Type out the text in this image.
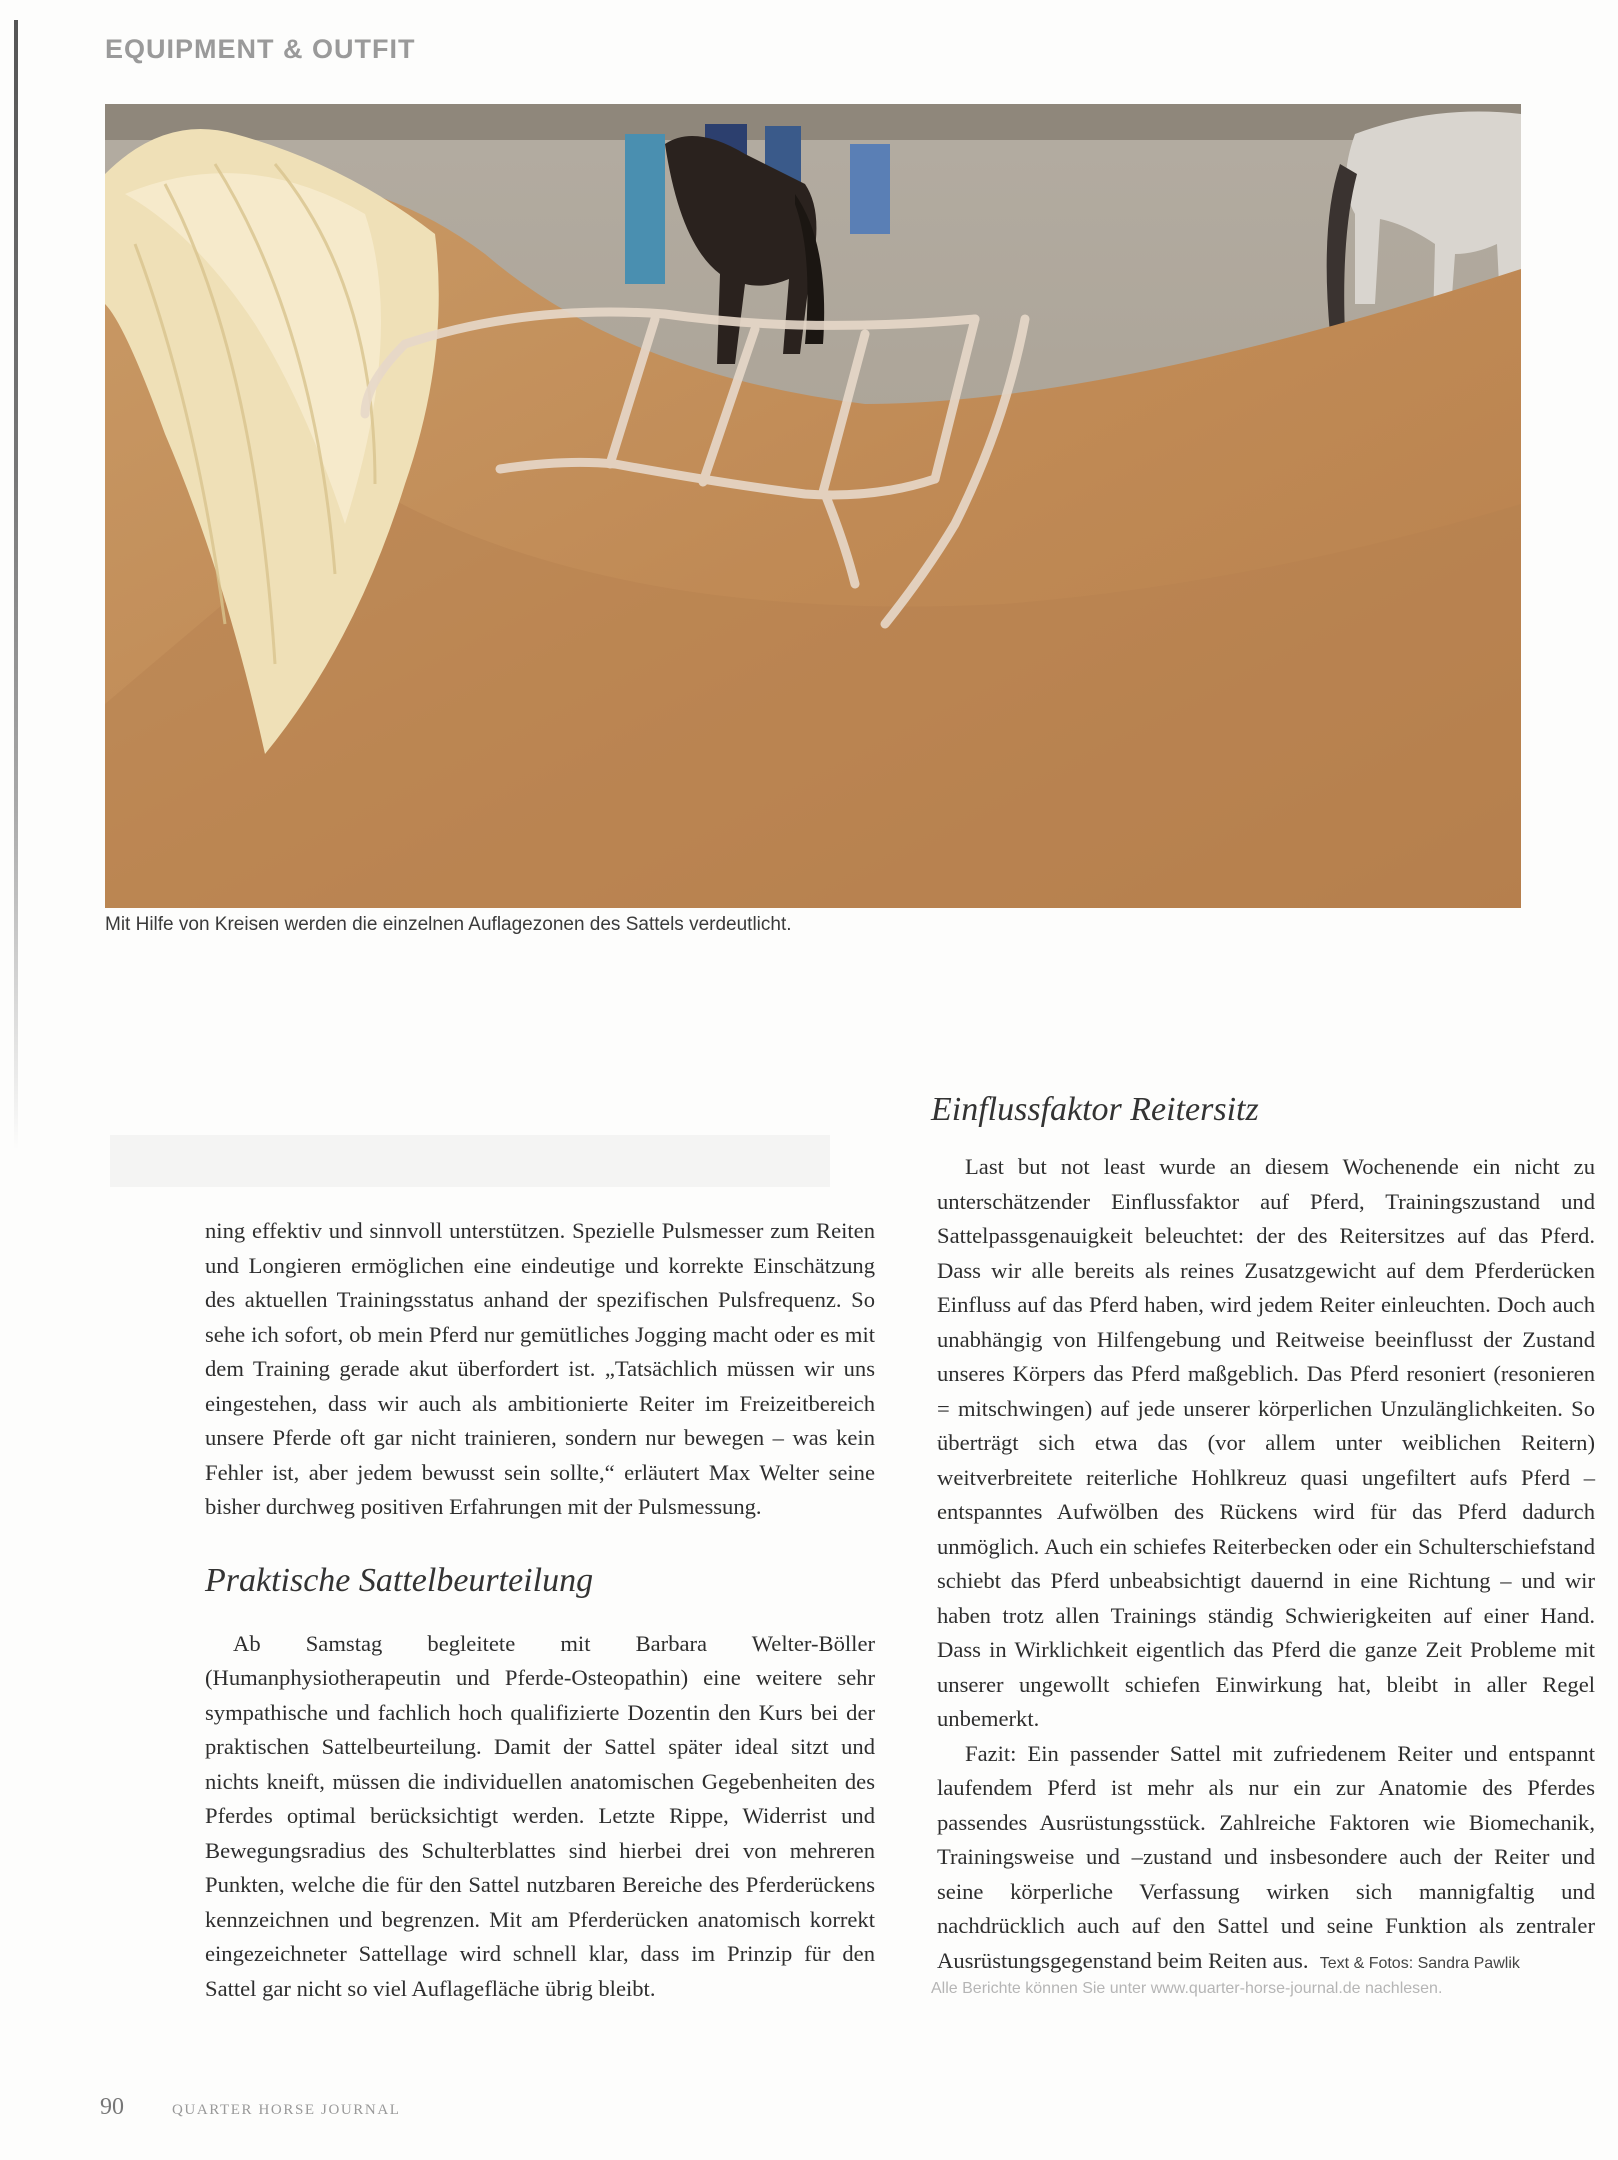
EQUIPMENT & OUTFIT
Mit Hilfe von Kreisen werden die einzelnen Auflagezonen des Sattels verdeutlicht.

ning effektiv und sinnvoll unterstützen. Spezielle Pulsmesser zum Reiten und Longieren ermöglichen eine eindeutige und korrekte Einschätzung des aktuellen Trainingsstatus anhand der spezifischen Pulsfrequenz. So sehe ich sofort, ob mein Pferd nur gemütliches Jogging macht oder es mit dem Training gerade akut überfordert ist. „Tatsächlich müssen wir uns eingestehen, dass wir auch als ambitionierte Reiter im Freizeitbereich unsere Pferde oft gar nicht trainieren, sondern nur bewegen – was kein Fehler ist, aber jedem bewusst sein sollte,“ erläutert Max Welter seine bisher durchweg positiven Erfahrungen mit der Pulsmessung.

Praktische Sattelbeurteilung

Ab Samstag begleitete mit Barbara Welter-Böller (Humanphysiotherapeutin und Pferde-Osteopathin) eine weitere sehr sympathische und fachlich hoch qualifizierte Dozentin den Kurs bei der praktischen Sattelbeurteilung. Damit der Sattel später ideal sitzt und nichts kneift, müssen die individuellen anatomischen Gegebenheiten des Pferdes optimal berücksichtigt werden. Letzte Rippe, Widerrist und Bewegungsradius des Schulterblattes sind hierbei drei von mehreren Punkten, welche die für den Sattel nutzbaren Bereiche des Pferderückens kennzeichnen und begrenzen. Mit am Pferderücken anatomisch korrekt eingezeichneter Sattellage wird schnell klar, dass im Prinzip für den Sattel gar nicht so viel Auflagefläche übrig bleibt.

Einflussfaktor Reitersitz

Last but not least wurde an diesem Wochenende ein nicht zu unterschätzender Einflussfaktor auf Pferd, Trainingszustand und Sattelpassgenauigkeit beleuchtet: der des Reitersitzes auf das Pferd. Dass wir alle bereits als reines Zusatzgewicht auf dem Pferderücken Einfluss auf das Pferd haben, wird jedem Reiter einleuchten. Doch auch unabhängig von Hilfengebung und Reitweise beeinflusst der Zustand unseres Körpers das Pferd maßgeblich. Das Pferd resoniert (resonieren = mitschwingen) auf jede unserer körperlichen Unzulänglichkeiten. So überträgt sich etwa das (vor allem unter weiblichen Reitern) weitverbreitete reiterliche Hohlkreuz quasi ungefiltert aufs Pferd – entspanntes Aufwölben des Rückens wird für das Pferd dadurch unmöglich. Auch ein schiefes Reiterbecken oder ein Schulterschiefstand schiebt das Pferd unbeabsichtigt dauernd in eine Richtung – und wir haben trotz allen Trainings ständig Schwierigkeiten auf einer Hand. Dass in Wirklichkeit eigentlich das Pferd die ganze Zeit Probleme mit unserer ungewollt schiefen Einwirkung hat, bleibt in aller Regel unbemerkt.

Fazit: Ein passender Sattel mit zufriedenem Reiter und entspannt laufendem Pferd ist mehr als nur ein zur Anatomie des Pferdes passendes Ausrüstungsstück. Zahlreiche Faktoren wie Biomechanik, Trainingsweise und –zustand und insbesondere auch der Reiter und seine körperliche Verfassung wirken sich mannigfaltig und nachdrücklich auch auf den Sattel und seine Funktion als zentraler Ausrüstungsgegenstand beim Reiten aus. Text & Fotos: Sandra Pawlik

Alle Berichte können Sie unter www.quarter-horse-journal.de nachlesen.
90	QUARTER HORSE JOURNAL
